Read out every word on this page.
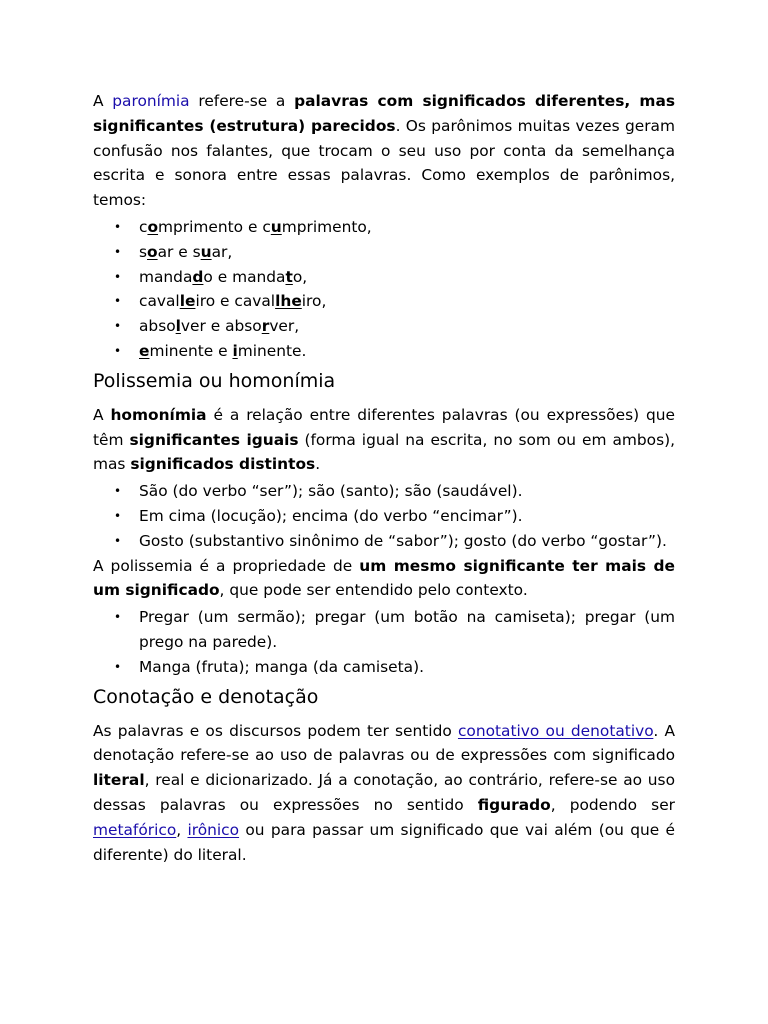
A paronímia refere-se a palavras com significados diferentes, mas significantes (estrutura) parecidos. Os parônimos muitas vezes geram confusão nos falantes, que trocam o seu uso por conta da semelhança escrita e sonora entre essas palavras. Como exemplos de parônimos, temos:

• comprimento e cumprimento,
• soar e suar,
• mandado e mandato,
• cavalleiro e cavallheiro,
• absolver e absorver,
• eminente e iminente.
Polissemia ou homonímia

A homonímia é a relação entre diferentes palavras (ou expressões) que têm significantes iguais (forma igual na escrita, no som ou em ambos), mas significados distintos.

• São (do verbo “ser”); são (santo); são (saudável).
• Em cima (locução); encima (do verbo “encimar”).
• Gosto (substantivo sinônimo de “sabor”); gosto (do verbo “gostar”).

A polissemia é a propriedade de um mesmo significante ter mais de um significado, que pode ser entendido pelo contexto.

• Pregar (um sermão); pregar (um botão na camiseta); pregar (um prego na parede).
• Manga (fruta); manga (da camiseta).
Conotação e denotação

As palavras e os discursos podem ter sentido conotativo ou denotativo. A denotação refere-se ao uso de palavras ou de expressões com significado literal, real e dicionarizado. Já a conotação, ao contrário, refere-se ao uso dessas palavras ou expressões no sentido figurado, podendo ser metafórico, irônico ou para passar um significado que vai além (ou que é diferente) do literal.
